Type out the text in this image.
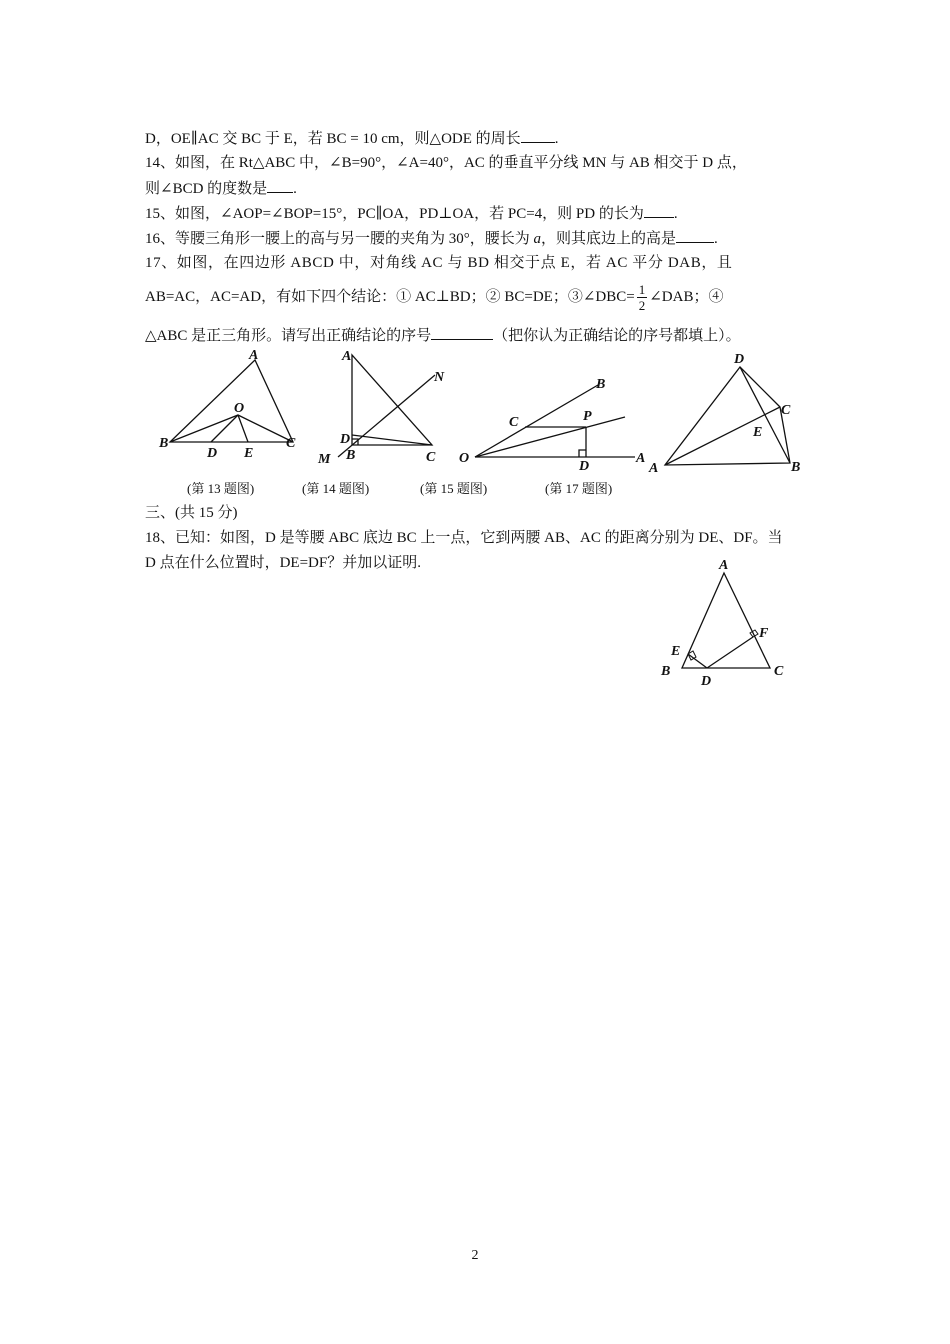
D，OE∥AC 交 BC 于 E，若 BC = 10 cm，则△ODE 的周长 .
14、如图，在 Rt△ABC 中，∠B=90°，∠A=40°，AC 的垂直平分线 MN 与 AB 相交于 D 点，
则∠BCD 的度数是 .
15、如图，∠AOP=∠BOP=15°，PC∥OA，PD⊥OA，若 PC=4，则 PD 的长为 .
16、等腰三角形一腰上的高与另一腰的夹角为 30°，腰长为 a，则其底边上的高是	.
17、如图，在四边形 ABCD 中，对角线 AC 与 BD 相交于点 E，若 AC 平分 DAB，且
AB=AC，AC=AD，有如下四个结论：① AC⊥BD；② BC=DE；③∠DBC= $\frac{1}{2}$ ∠DAB；④
△ABC 是正三角形。请写出正确结论的序号	（把你认为正确结论的序号都填上）。
A
B	C
O
D E
A
B	C
D
M
N
O	A
B
C	P
D
D
A	B
C
E
(第 13 题图)	(第 14 题图)	(第 15 题图)	(第 17 题图)
三、(共 15 分)
18、已知：如图，D 是等腰 ABC 底边 BC 上一点，它到两腰 AB、AC 的距离分别为 DE、DF。当
D 点在什么位置时，DE=DF？并加以证明.	A
B	C
D
E
F
2
